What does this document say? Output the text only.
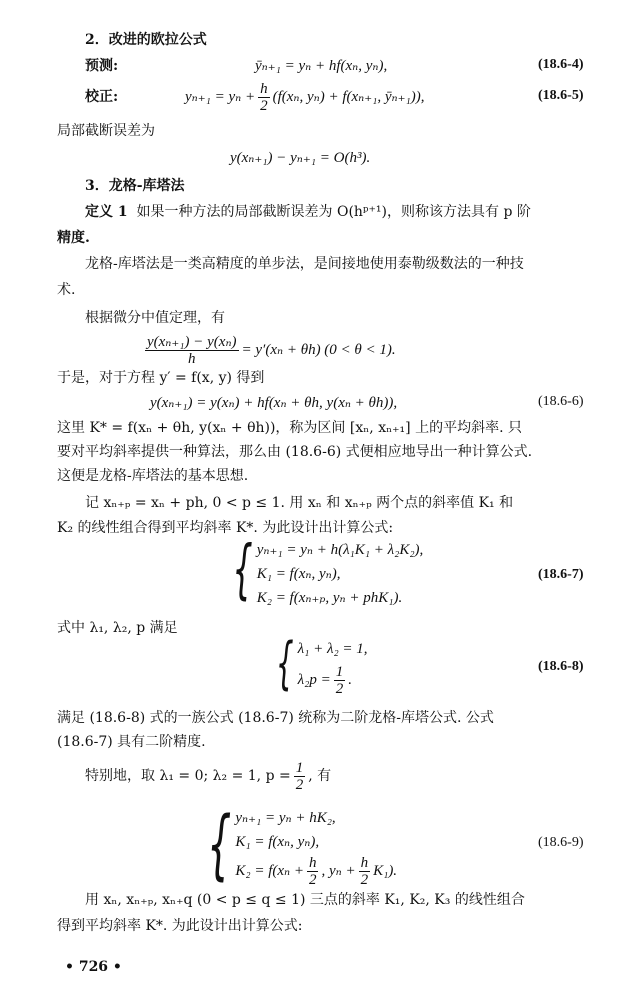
2．改进的欧拉公式
预测:	ȳₙ₊₁ = yₙ + hf(xₙ, yₙ),	(18.6-4)
校正:	$y_{n+1} = y_n + \frac{h}{2} (f(x_n$, yₙ) + f(xₙ₊₁, ȳₙ₊₁)),	(18.6-5)
局部截断误差为
y(xₙ₊₁) − yₙ₊₁ = O(h³).
3．龙格-库塔法
定义 1 如果一种方法的局部截断误差为 O(hᵖ⁺¹)，则称该方法具有 p 阶
精度.
龙格-库塔法是一类高精度的单步法，是间接地使用泰勒级数法的一种技
术.
根据微分中值定理，有
$\frac{\text{y(xₙ₊₁) − y(xₙ)}}{h} = y'(x_n + \theta h) (0 < \theta < 1)$.
于是，对于方程 y′ = f(x, y) 得到
y(xₙ₊₁) = y(xₙ) + hf(xₙ + θh, y(xₙ + θh)),	(18.6-6)
这里 K* = f(xₙ + θh, y(xₙ + θh))，称为区间 [xₙ, xₙ₊₁] 上的平均斜率. 只
要对平均斜率提供一种算法，那么由 (18.6-6) 式便相应地导出一种计算公式.
这便是龙格-库塔法的基本思想.
记 xₙ₊ₚ = xₙ + ph, 0 < p ≤ 1. 用 xₙ 和 xₙ₊ₚ 两个点的斜率值 K₁ 和
K₂ 的线性组合得到平均斜率 K*. 为此设计出计算公式:
{ yₙ₊₁ = yₙ + h(λ₁K₁ + λ₂K₂),
K₁ = f(xₙ, yₙ),
K₂ = f(xₙ₊ₚ, yₙ + phK₁).
(18.6-7)
式中 λ₁, λ₂, p 满足
{ λ₁ + λ₂ = 1,
$\lambda_2p = \frac{1}{2}$ .
(18.6-8)
满足 (18.6-8) 式的一族公式 (18.6-7) 统称为二阶龙格-库塔公式. 公式
(18.6-7) 具有二阶精度.
特别地，取 λ₁ = 0; λ₂ = 1, $p = \frac{1}{2}$ , 有
{ yₙ₊₁ = yₙ + hK₂,
K₁ = f(xₙ, yₙ),
$K_2 = f(x_n + \frac{h}{2}$ , $y_n + \frac{h}{2} K_1$).
(18.6-9)
用 xₙ, xₙ₊ₚ, xₙ₊q (0 < p ≤ q ≤ 1) 三点的斜率 K₁, K₂, K₃ 的线性组合
得到平均斜率 K*. 为此设计出计算公式:
• 726 •
